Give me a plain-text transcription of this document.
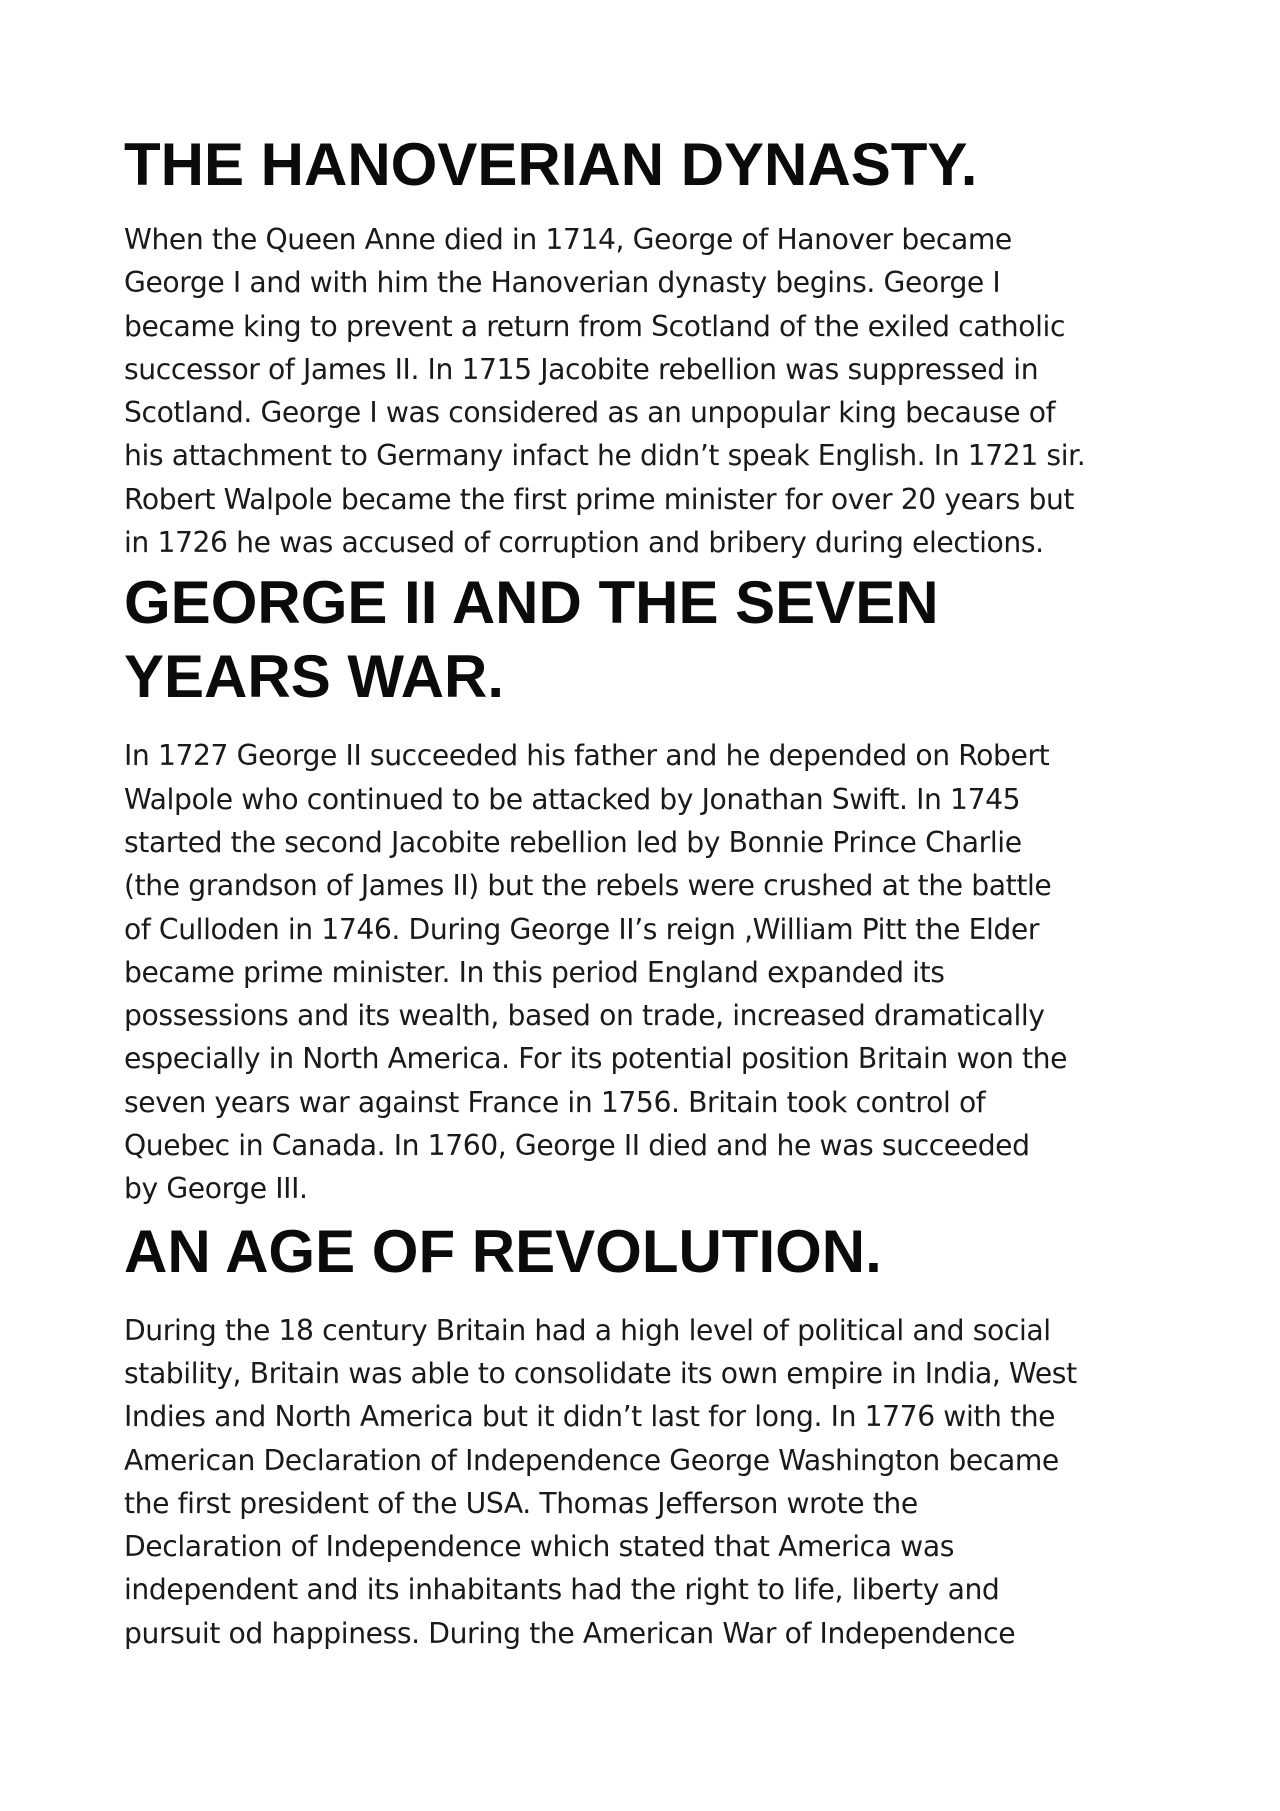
THE HANOVERIAN DYNASTY.

When the Queen Anne died in 1714, George of Hanover became
George I and with him the Hanoverian dynasty begins. George I
became king to prevent a return from Scotland of the exiled catholic
successor of James II. In 1715 Jacobite rebellion was suppressed in
Scotland. George I was considered as an unpopular king because of
his attachment to Germany infact he didn’t speak English. In 1721 sir.
Robert Walpole became the first prime minister for over 20 years but
in 1726 he was accused of corruption and bribery during elections.

GEORGE II AND THE SEVEN
YEARS WAR.

In 1727 George II succeeded his father and he depended on Robert
Walpole who continued to be attacked by Jonathan Swift. In 1745
started the second Jacobite rebellion led by Bonnie Prince Charlie
(the grandson of James II) but the rebels were crushed at the battle
of Culloden in 1746. During George II’s reign ,William Pitt the Elder
became prime minister. In this period England expanded its
possessions and its wealth, based on trade, increased dramatically
especially in North America. For its potential position Britain won the
seven years war against France in 1756. Britain took control of
Quebec in Canada. In 1760, George II died and he was succeeded
by George III.

AN AGE OF REVOLUTION.

During the 18 century Britain had a high level of political and social
stability, Britain was able to consolidate its own empire in India, West
Indies and North America but it didn’t last for long. In 1776 with the
American Declaration of Independence George Washington became
the first president of the USA. Thomas Jefferson wrote the
Declaration of Independence which stated that America was
independent and its inhabitants had the right to life, liberty and
pursuit od happiness. During the American War of Independence
